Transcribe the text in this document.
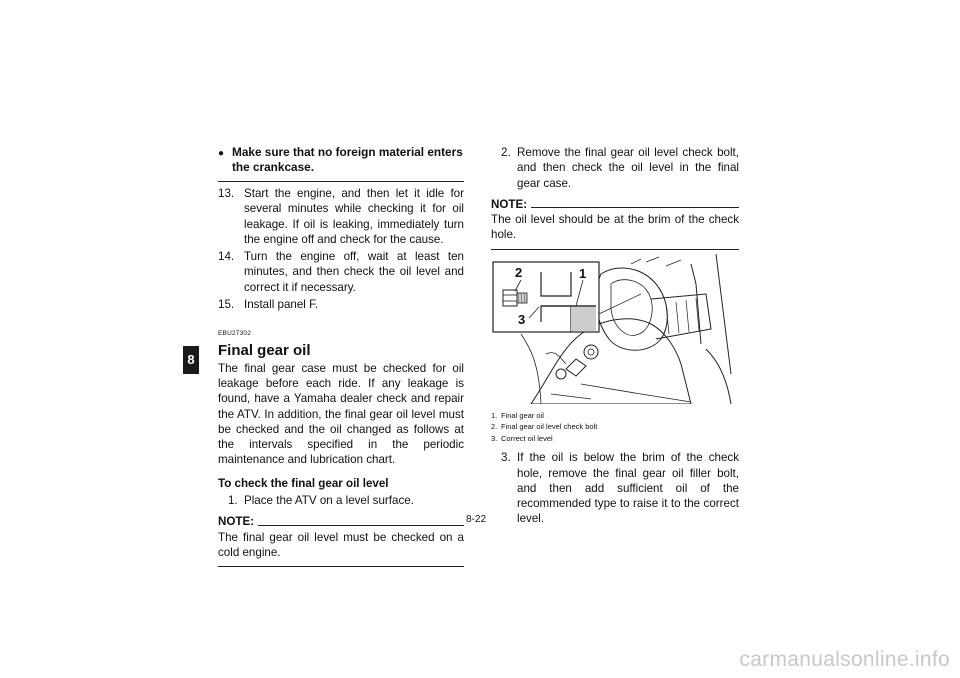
8
● Make sure that no foreign material enters the crankcase.
13. Start the engine, and then let it idle for several minutes while checking it for oil leakage. If oil is leaking, immediately turn the engine off and check for the cause.
14. Turn the engine off, wait at least ten minutes, and then check the oil level and correct it if necessary.
15. Install panel F.
EBU27302
Final gear oil
The final gear case must be checked for oil leakage before each ride. If any leakage is found, have a Yamaha dealer check and repair the ATV. In addition, the final gear oil level must be checked and the oil changed as follows at the intervals specified in the periodic maintenance and lubrication chart.
To check the final gear oil level
1. Place the ATV on a level surface.
NOTE:
The final gear oil level must be checked on a cold engine.
2. Remove the final gear oil level check bolt, and then check the oil level in the final gear case.
NOTE:
The oil level should be at the brim of the check hole.
2	1
3
1. Final gear oil
2. Final gear oil level check bolt
3. Correct oil level
3. If the oil is below the brim of the check hole, remove the final gear oil filler bolt, and then add sufficient oil of the recommended type to raise it to the correct level.
8-22
carmanualsonline.info
